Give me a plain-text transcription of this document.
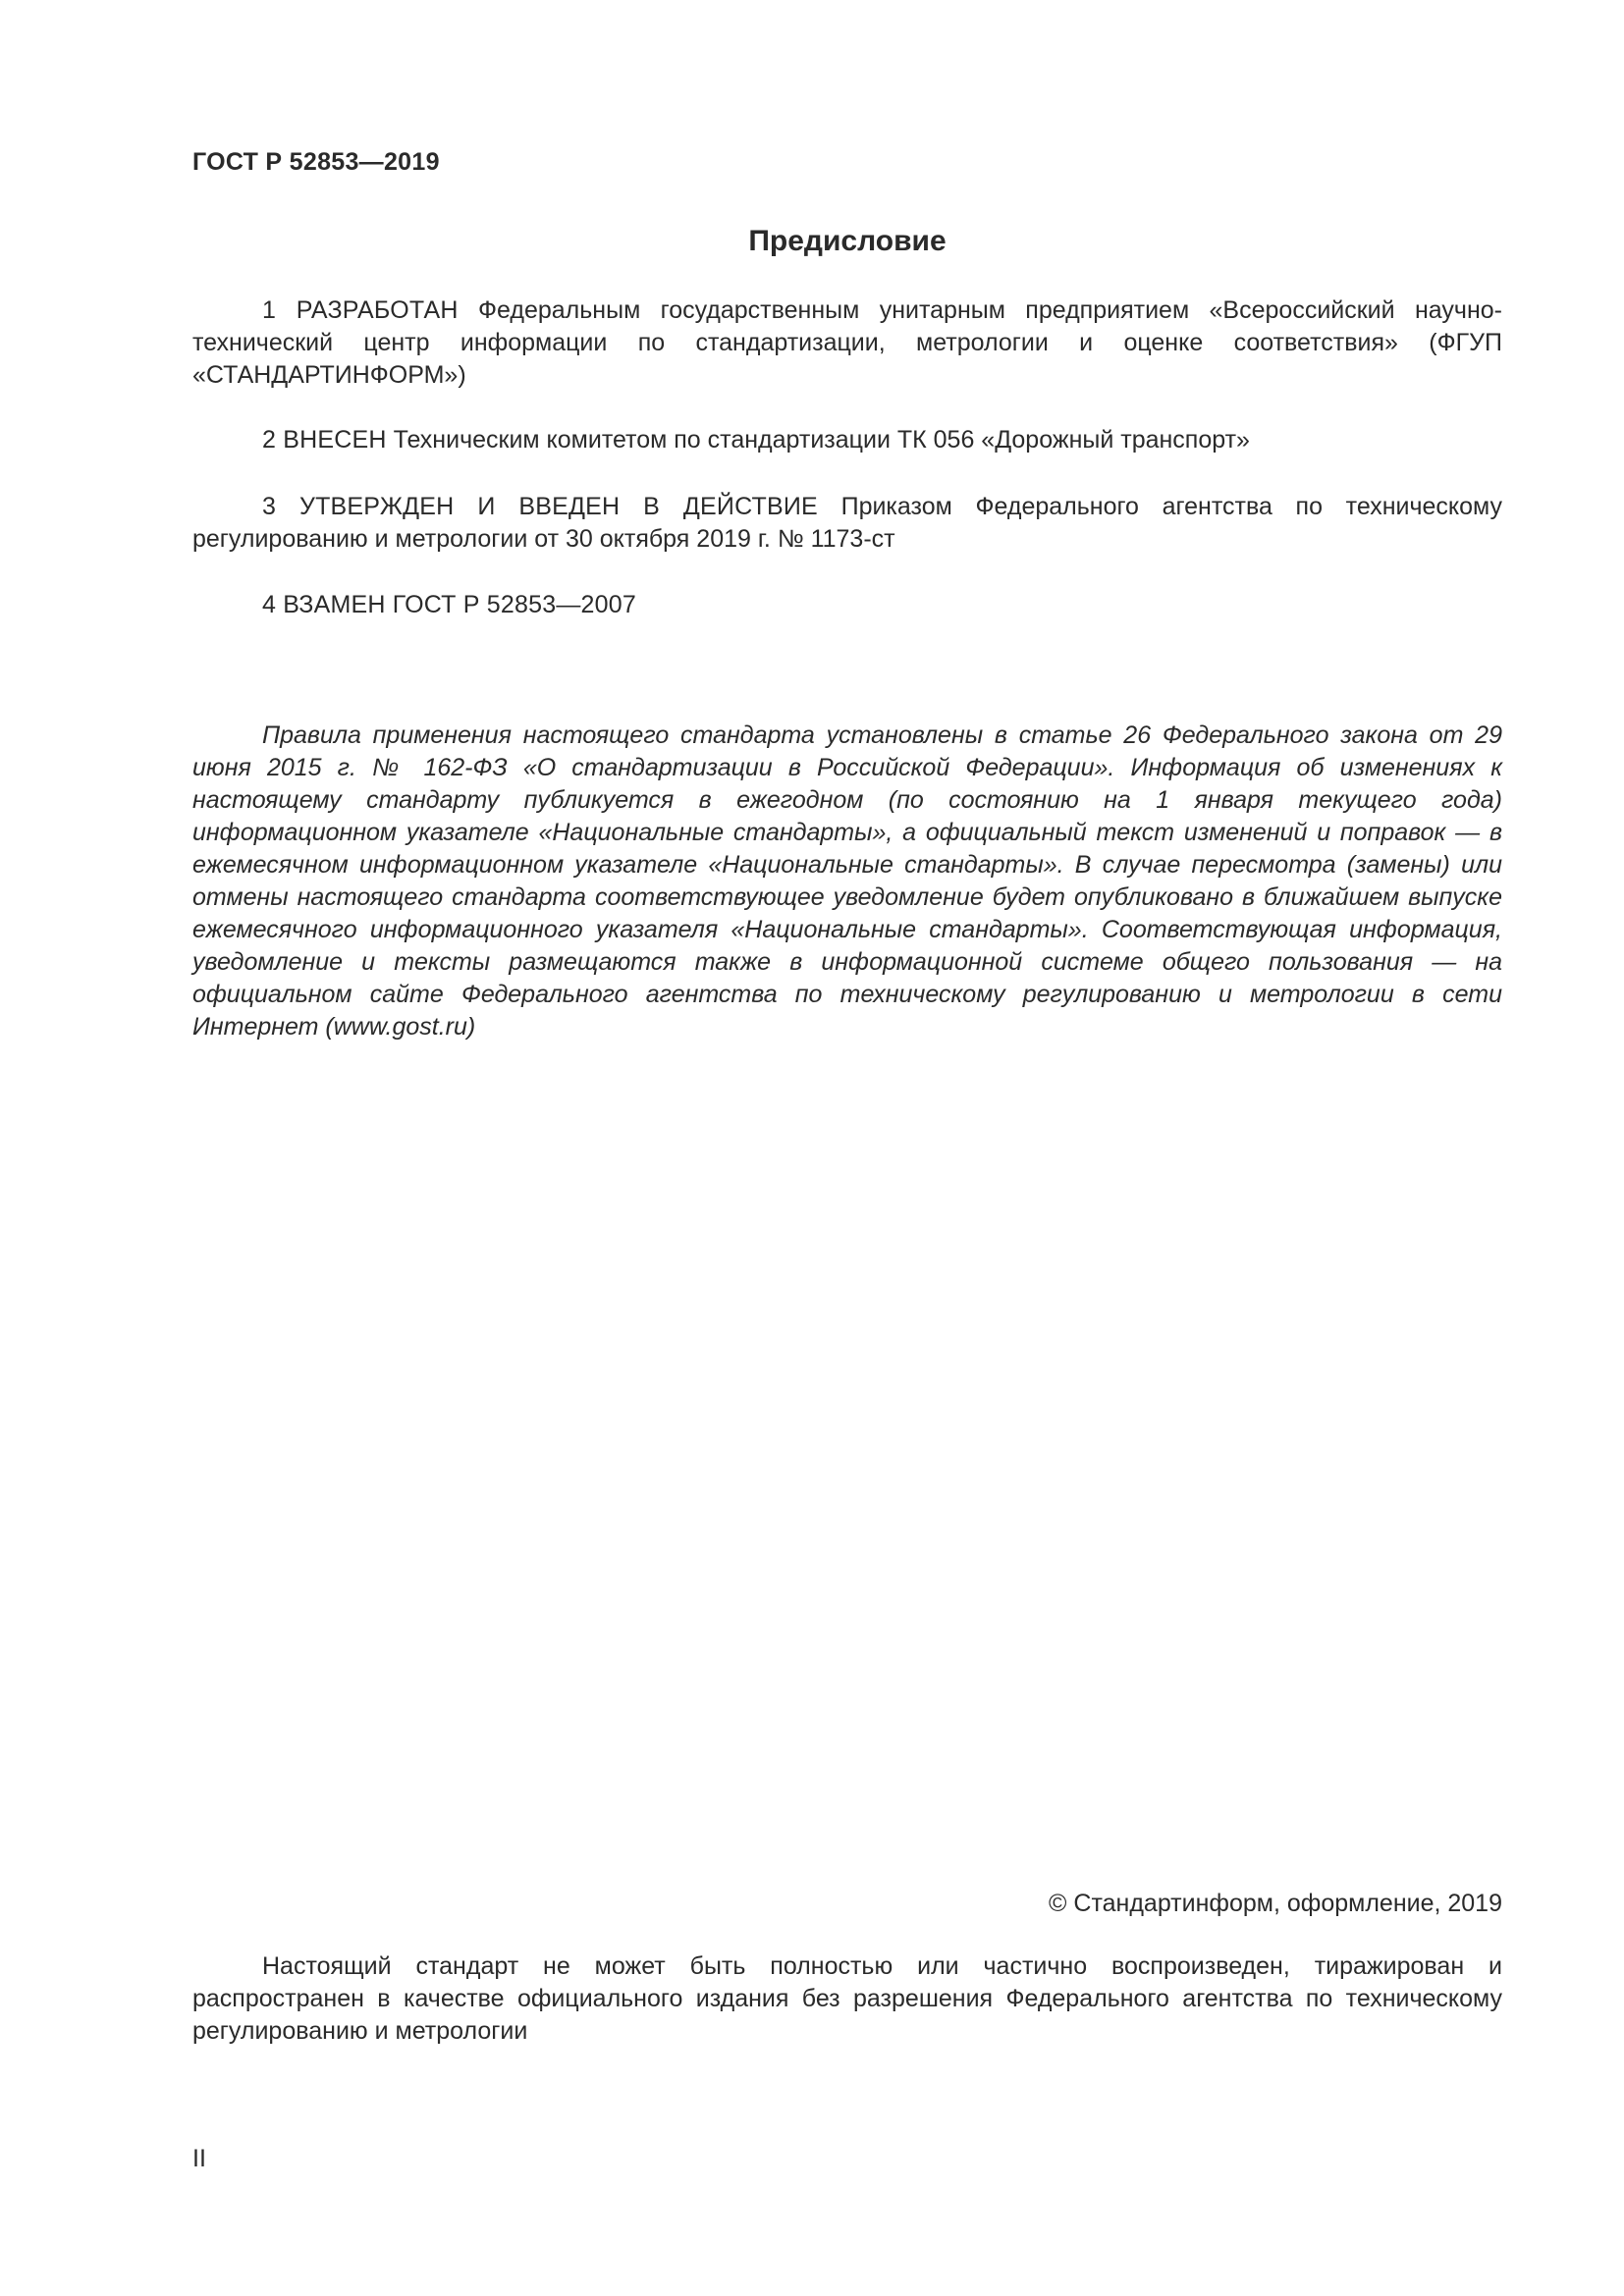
ГОСТ Р 52853—2019

Предисловие

1 РАЗРАБОТАН Федеральным государственным унитарным предприятием «Всероссийский научно-технический центр информации по стандартизации, метрологии и оценке соответствия» (ФГУП «СТАНДАРТИНФОРМ»)

2 ВНЕСЕН Техническим комитетом по стандартизации ТК 056 «Дорожный транспорт»

3 УТВЕРЖДЕН И ВВЕДЕН В ДЕЙСТВИЕ Приказом Федерального агентства по техническому регулированию и метрологии от 30 октября 2019 г. № 1173-ст

4 ВЗАМЕН ГОСТ Р 52853—2007

Правила применения настоящего стандарта установлены в статье 26 Федерального закона от 29 июня 2015 г. № 162-ФЗ «О стандартизации в Российской Федерации». Информация об изменениях к настоящему стандарту публикуется в ежегодном (по состоянию на 1 января текущего года) информационном указателе «Национальные стандарты», а официальный текст изменений и поправок — в ежемесячном информационном указателе «Национальные стандарты». В случае пересмотра (замены) или отмены настоящего стандарта соответствующее уведомление будет опубликовано в ближайшем выпуске ежемесячного информационного указателя «Национальные стандарты». Соответствующая информация, уведомление и тексты размещаются также в информационной системе общего пользования — на официальном сайте Федерального агентства по техническому регулированию и метрологии в сети Интернет (www.gost.ru)

© Стандартинформ, оформление, 2019

Настоящий стандарт не может быть полностью или частично воспроизведен, тиражирован и распространен в качестве официального издания без разрешения Федерального агентства по техническому регулированию и метрологии

II
